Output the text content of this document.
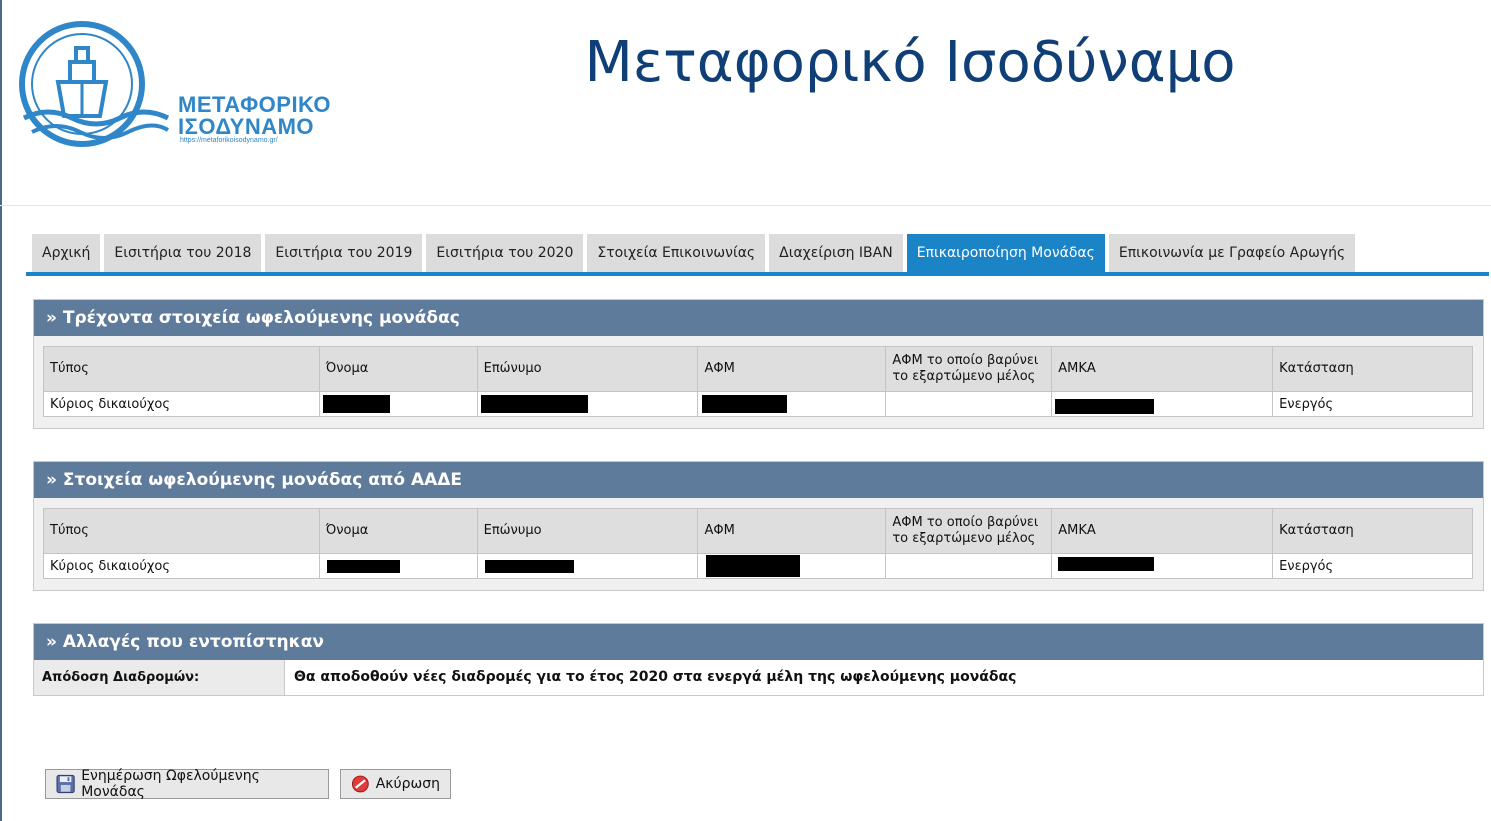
ΜΕΤΑΦΟΡΙΚΟ
ΙΣΟΔΥΝΑΜΟ
https://metaforikoisodynamo.gr/
Μεταφορικό Ισοδύναμο
Αρχική	Εισιτήρια του 2018	Εισιτήρια του 2019	Εισιτήρια του 2020	Στοιχεία Επικοινωνίας	Διαχείριση IBAN	Επικαιροποίηση Μονάδας	Επικοινωνία με Γραφείο Αρωγής
» Τρέχοντα στοιχεία ωφελούμενης μονάδας
Τύπος	Όνομα	Επώνυμο	ΑΦΜ	ΑΦΜ το οποίο βαρύνει το εξαρτώμενο μέλος	ΑΜΚΑ	Κατάσταση
Κύριος δικαιούχος						Ενεργός
» Στοιχεία ωφελούμενης μονάδας από ΑΑΔΕ
Τύπος	Όνομα	Επώνυμο	ΑΦΜ	ΑΦΜ το οποίο βαρύνει το εξαρτώμενο μέλος	ΑΜΚΑ	Κατάσταση
Κύριος δικαιούχος						Ενεργός
» Αλλαγές που εντοπίστηκαν
Απόδοση Διαδρομών:	Θα αποδοθούν νέες διαδρομές για το έτος 2020 στα ενεργά μέλη της ωφελούμενης μονάδας
Ενημέρωση Ωφελούμενης Μονάδας	Ακύρωση
